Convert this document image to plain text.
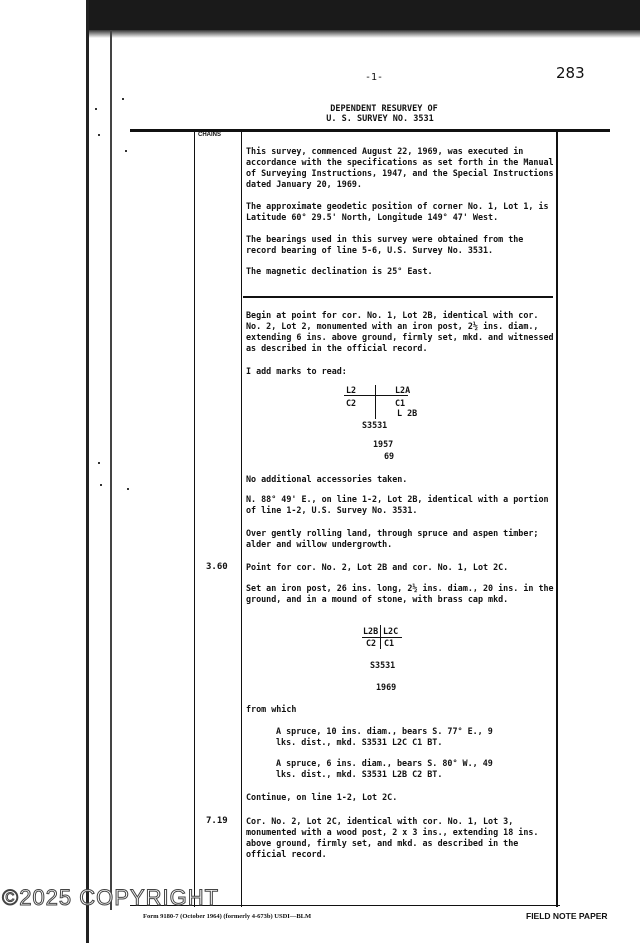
283
-1-
DEPENDENT RESURVEY OF
U. S. SURVEY NO. 3531
CHAINS
This survey, commenced August 22, 1969, was executed in accordance with the specifications as set forth in the Manual of Surveying Instructions, 1947, and the Special Instructions dated January 20, 1969.
The approximate geodetic position of corner No. 1, Lot 1, is Latitude 60° 29.5' North, Longitude 149° 47' West.
The bearings used in this survey were obtained from the record bearing of line 5-6, U.S. Survey No. 3531.
The magnetic declination is 25° East.
Begin at point for cor. No. 1, Lot 2B, identical with cor. No. 2, Lot 2, monumented with an iron post, 2½ ins. diam., extending 6 ins. above ground, firmly set, mkd. and witnessed as described in the official record.
I add marks to read:
L2
C2
L2A
C1
L 2B
S3531
1957
69
No additional accessories taken.
N. 88° 49' E., on line 1-2, Lot 2B, identical with a portion of line 1-2, U.S. Survey No. 3531.
Over gently rolling land, through spruce and aspen timber; alder and willow undergrowth.
3.60 Point for cor. No. 2, Lot 2B and cor. No. 1, Lot 2C.
Set an iron post, 26 ins. long, 2½ ins. diam., 20 ins. in the ground, and in a mound of stone, with brass cap mkd.
L2B L2C
C2 C1
S3531
1969
from which
A spruce, 10 ins. diam., bears S. 77° E., 9 lks. dist., mkd. S3531 L2C C1 BT.
A spruce, 6 ins. diam., bears S. 80° W., 49 lks. dist., mkd. S3531 L2B C2 BT.
Continue, on line 1-2, Lot 2C.
7.19 Cor. No. 2, Lot 2C, identical with cor. No. 1, Lot 3, monumented with a wood post, 2 x 3 ins., extending 18 ins. above ground, firmly set, and mkd. as described in the official record.
Form 9180-7 (October 1964) (formerly 4-673b) USDI—BLM	FIELD NOTE PAPER
©2025 COPYRIGHT
